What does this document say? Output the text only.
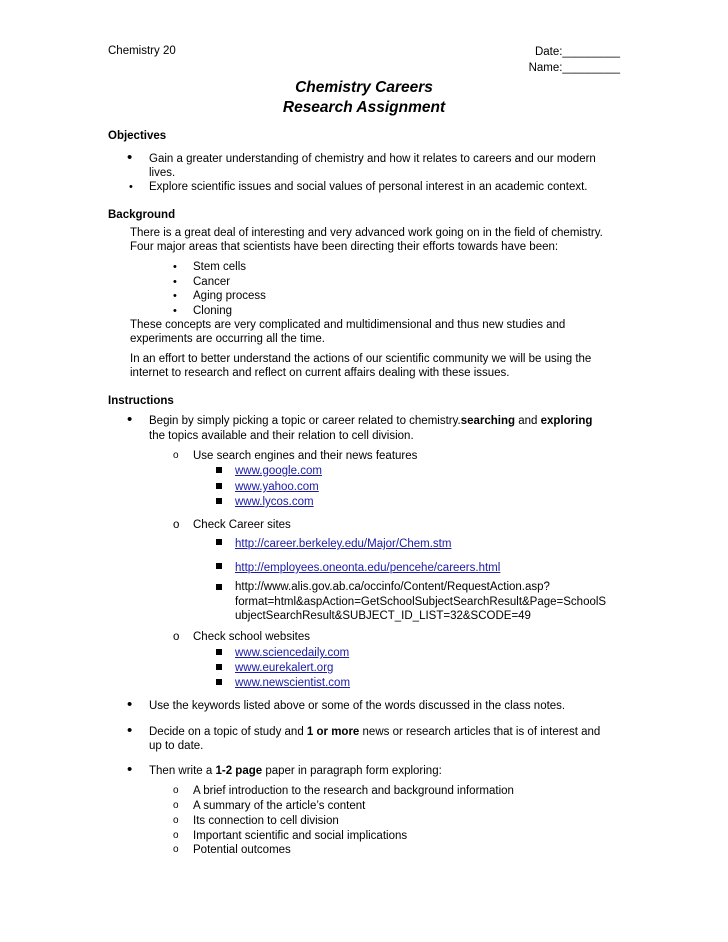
Chemistry 20	Date:_________
Name:_________
Chemistry Careers
Research Assignment
Objectives
• Gain a greater understanding of chemistry and how it relates to careers and our modern
lives.
• Explore scientific issues and social values of personal interest in an academic context.
Background
There is a great deal of interesting and very advanced work going on in the field of chemistry.
Four major areas that scientists have been directing their efforts towards have been:
• Stem cells
• Cancer
• Aging process
• Cloning
These concepts are very complicated and multidimensional and thus new studies and
experiments are occurring all the time.
In an effort to better understand the actions of our scientific community we will be using the
internet to research and reflect on current affairs dealing with these issues.
Instructions
• Begin by simply picking a topic or career related to chemistry.searching and exploring
the topics available and their relation to cell division.
o Use search engines and their news features
www.google.com
www.yahoo.com
www.lycos.com
o Check Career sites
http://career.berkeley.edu/Major/Chem.stm
http://employees.oneonta.edu/pencehe/careers.html
http://www.alis.gov.ab.ca/occinfo/Content/RequestAction.asp?
format=html&aspAction=GetSchoolSubjectSearchResult&Page=SchoolS
ubjectSearchResult&SUBJECT_ID_LIST=32&SCODE=49
o Check school websites
www.sciencedaily.com
www.eurekalert.org
www.newscientist.com
• Use the keywords listed above or some of the words discussed in the class notes.
• Decide on a topic of study and 1 or more news or research articles that is of interest and
up to date.
• Then write a 1-2 page paper in paragraph form exploring:
o A brief introduction to the research and background information
o A summary of the article’s content
o Its connection to cell division
o Important scientific and social implications
o Potential outcomes
